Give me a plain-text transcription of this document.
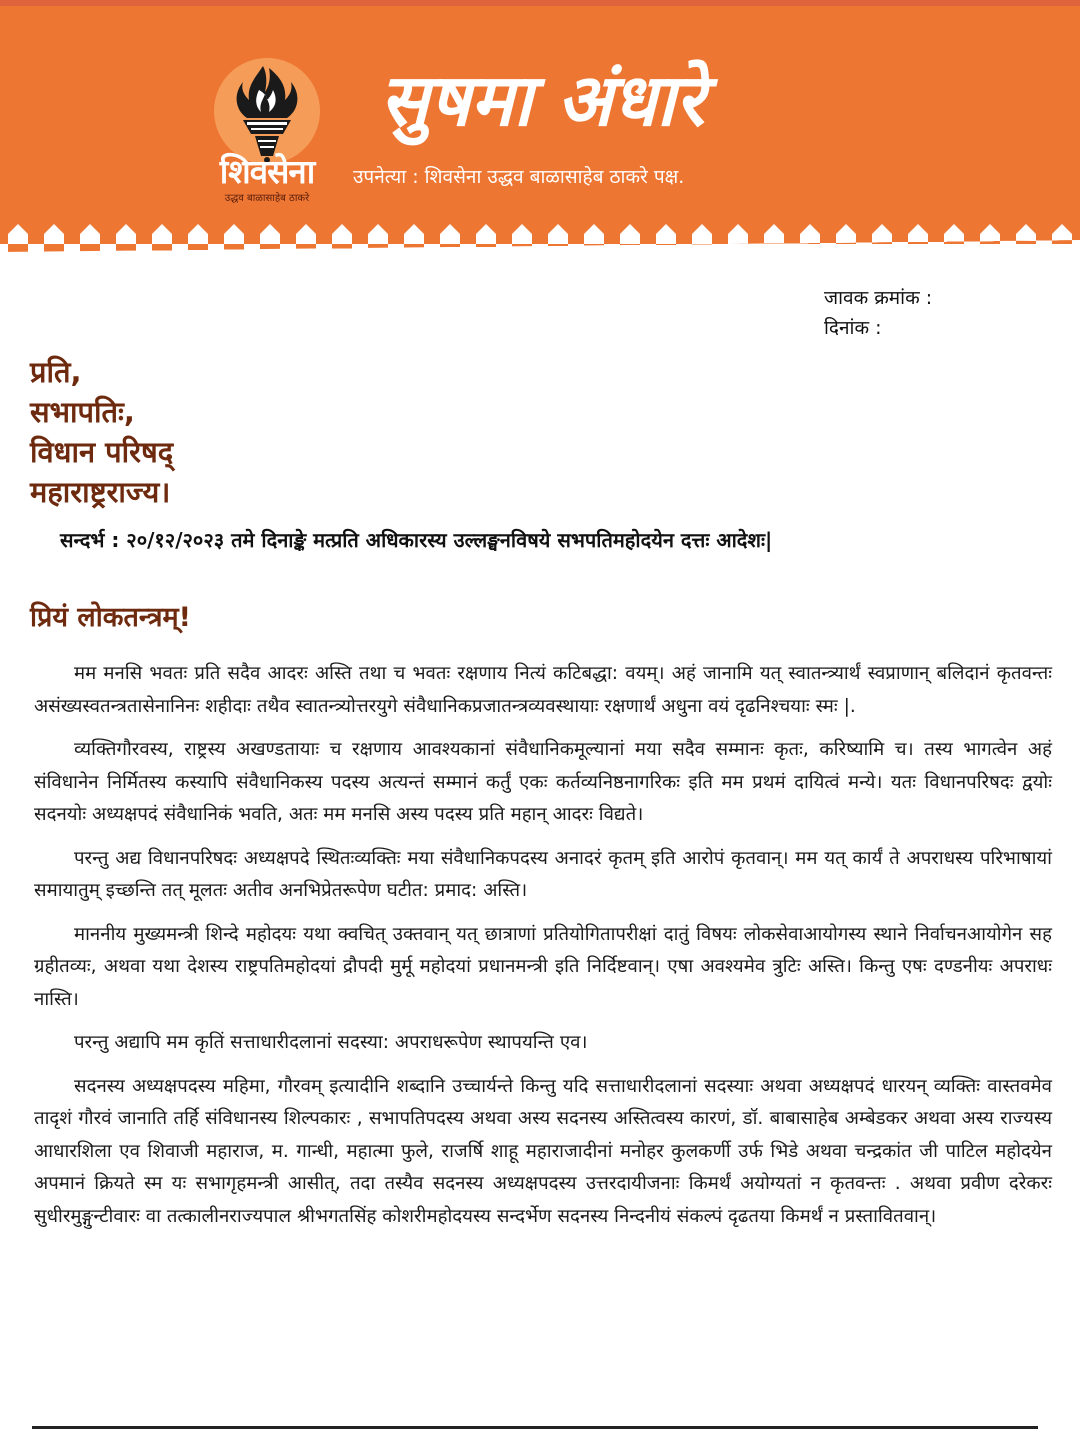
शिवसेना
उद्धव बाळासाहेब ठाकरे
सुषमा अंधारे
उपनेत्या : शिवसेना उद्धव बाळासाहेब ठाकरे पक्ष.
जावक क्रमांक :
दिनांक :
प्रति,
सभापतिः,
विधान परिषद्
महाराष्ट्रराज्य।
सन्दर्भ : २०/१२/२०२३ तमे दिनाङ्के मत्प्रति अधिकारस्य उल्लङ्घनविषये सभपतिमहोदयेन दत्तः आदेशः|
प्रियं लोकतन्त्रम्!

मम मनसि भवतः प्रति सदैव आदरः अस्ति तथा च भवतः रक्षणाय नित्यं कटिबद्धा: वयम्। अहं जानामि यत् स्वातन्त्र्यार्थं स्वप्राणान् बलिदानं कृतवन्तः असंख्यस्वतन्त्रतासेनानिनः शहीदाः तथैव स्वातन्त्र्योत्तरयुगे संवैधानिकप्रजातन्त्रव्यवस्थायाः रक्षणार्थं अधुना वयं दृढनिश्चयाः स्मः |.

व्यक्तिगौरवस्य, राष्ट्रस्य अखण्डतायाः च रक्षणाय आवश्यकानां संवैधानिकमूल्यानां मया सदैव सम्मानः कृतः, करिष्यामि च। तस्य भागत्वेन अहं संविधानेन निर्मितस्य कस्यापि संवैधानिकस्य पदस्य अत्यन्तं सम्मानं कर्तुं एकः कर्तव्यनिष्ठनागरिकः इति मम प्रथमं दायित्वं मन्ये। यतः विधानपरिषदः द्वयोः सदनयोः अध्यक्षपदं संवैधानिकं भवति, अतः मम मनसि अस्य पदस्य प्रति महान् आदरः विद्यते।

परन्तु अद्य विधानपरिषदः अध्यक्षपदे स्थितःव्यक्तिः मया संवैधानिकपदस्य अनादरं कृतम् इति आरोपं कृतवान्। मम यत् कार्यं ते अपराधस्य परिभाषायां समायातुम् इच्छन्ति तत् मूलतः अतीव अनभिप्रेतरूपेण घटीत: प्रमाद: अस्ति।

माननीय मुख्यमन्त्री शिन्दे महोदयः यथा क्वचित् उक्तवान् यत् छात्राणां प्रतियोगितापरीक्षां दातुं विषयः लोकसेवाआयोगस्य स्थाने निर्वाचनआयोगेन सह ग्रहीतव्यः, अथवा यथा देशस्य राष्ट्रपतिमहोदयां द्रौपदी मुर्मू महोदयां प्रधानमन्त्री इति निर्दिष्टवान्। एषा अवश्यमेव त्रुटिः अस्ति। किन्तु एषः दण्डनीयः अपराधः नास्ति।

परन्तु अद्यापि मम कृतिं सत्ताधारीदलानां सदस्या: अपराधरूपेण स्थापयन्ति एव।

सदनस्य अध्यक्षपदस्य महिमा, गौरवम् इत्यादीनि शब्दानि उच्चार्यन्ते किन्तु यदि सत्ताधारीदलानां सदस्याः अथवा अध्यक्षपदं धारयन् व्यक्तिः वास्तवमेव तादृशं गौरवं जानाति तर्हि संविधानस्य शिल्पकारः , सभापतिपदस्य अथवा अस्य सदनस्य अस्तित्वस्य कारणं, डॉ. बाबासाहेब अम्बेडकर अथवा अस्य राज्यस्य आधारशिला एव शिवाजी महाराज, म. गान्धी, महात्मा फुले, राजर्षि शाहू महाराजादीनां मनोहर कुलकर्णी उर्फ भिडे अथवा चन्द्रकांत जी पाटिल महोदयेन अपमानं क्रियते स्म यः सभागृहमन्त्री आसीत्, तदा तस्यैव सदनस्य अध्यक्षपदस्य उत्तरदायीजनाः किमर्थं अयोग्यतां न कृतवन्तः . अथवा प्रवीण दरेकरः सुधीरमुङ्गुन्टीवारः वा तत्कालीनराज्यपाल श्रीभगतसिंह कोशरीमहोदयस्य सन्दर्भेण सदनस्य निन्दनीयं संकल्पं दृढतया किमर्थं न प्रस्तावितवान्।
